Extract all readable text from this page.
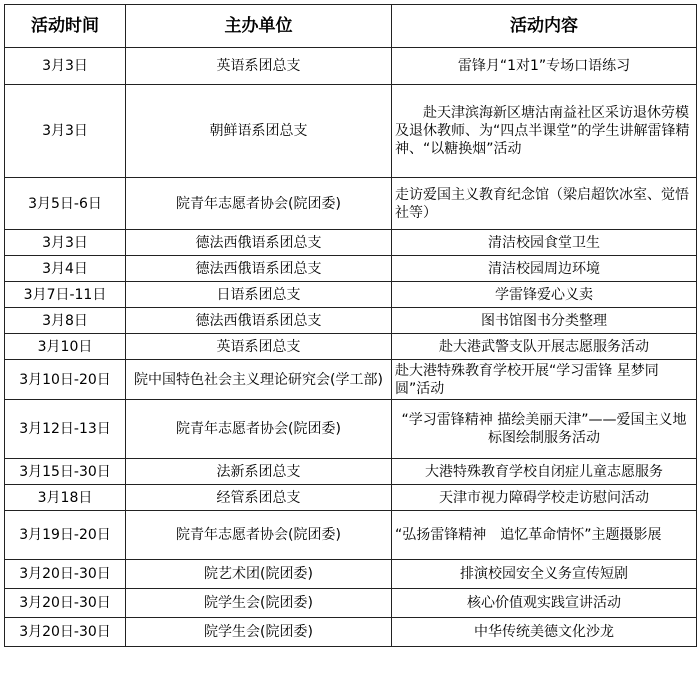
活动时间	主办单位	活动内容
3月3日	英语系团总支	雷锋月“1对1”专场口语练习
3月3日	朝鲜语系团总支	赴天津滨海新区塘沽南益社区采访退休劳模及退休教师、为“四点半课堂”的学生讲解雷锋精神、“以糖换烟”活动
3月5日-6日	院青年志愿者协会(院团委)	走访爱国主义教育纪念馆（梁启超饮冰室、觉悟社等）
3月3日	德法西俄语系团总支	清洁校园食堂卫生
3月4日	德法西俄语系团总支	清洁校园周边环境
3月7日-11日	日语系团总支	学雷锋爱心义卖
3月8日	德法西俄语系团总支	图书馆图书分类整理
3月10日	英语系团总支	赴大港武警支队开展志愿服务活动
3月10日-20日	院中国特色社会主义理论研究会(学工部)	赴大港特殊教育学校开展“学习雷锋 星梦同圆”活动
3月12日-13日	院青年志愿者协会(院团委)	“学习雷锋精神 描绘美丽天津”——爱国主义地标图绘制服务活动
3月15日-30日	法新系团总支	大港特殊教育学校自闭症儿童志愿服务
3月18日	经管系团总支	天津市视力障碍学校走访慰问活动
3月19日-20日	院青年志愿者协会(院团委)	“弘扬雷锋精神　追忆革命情怀”主题摄影展
3月20日-30日	院艺术团(院团委)	排演校园安全义务宣传短剧
3月20日-30日	院学生会(院团委)	核心价值观实践宣讲活动
3月20日-30日	院学生会(院团委)	中华传统美德文化沙龙
